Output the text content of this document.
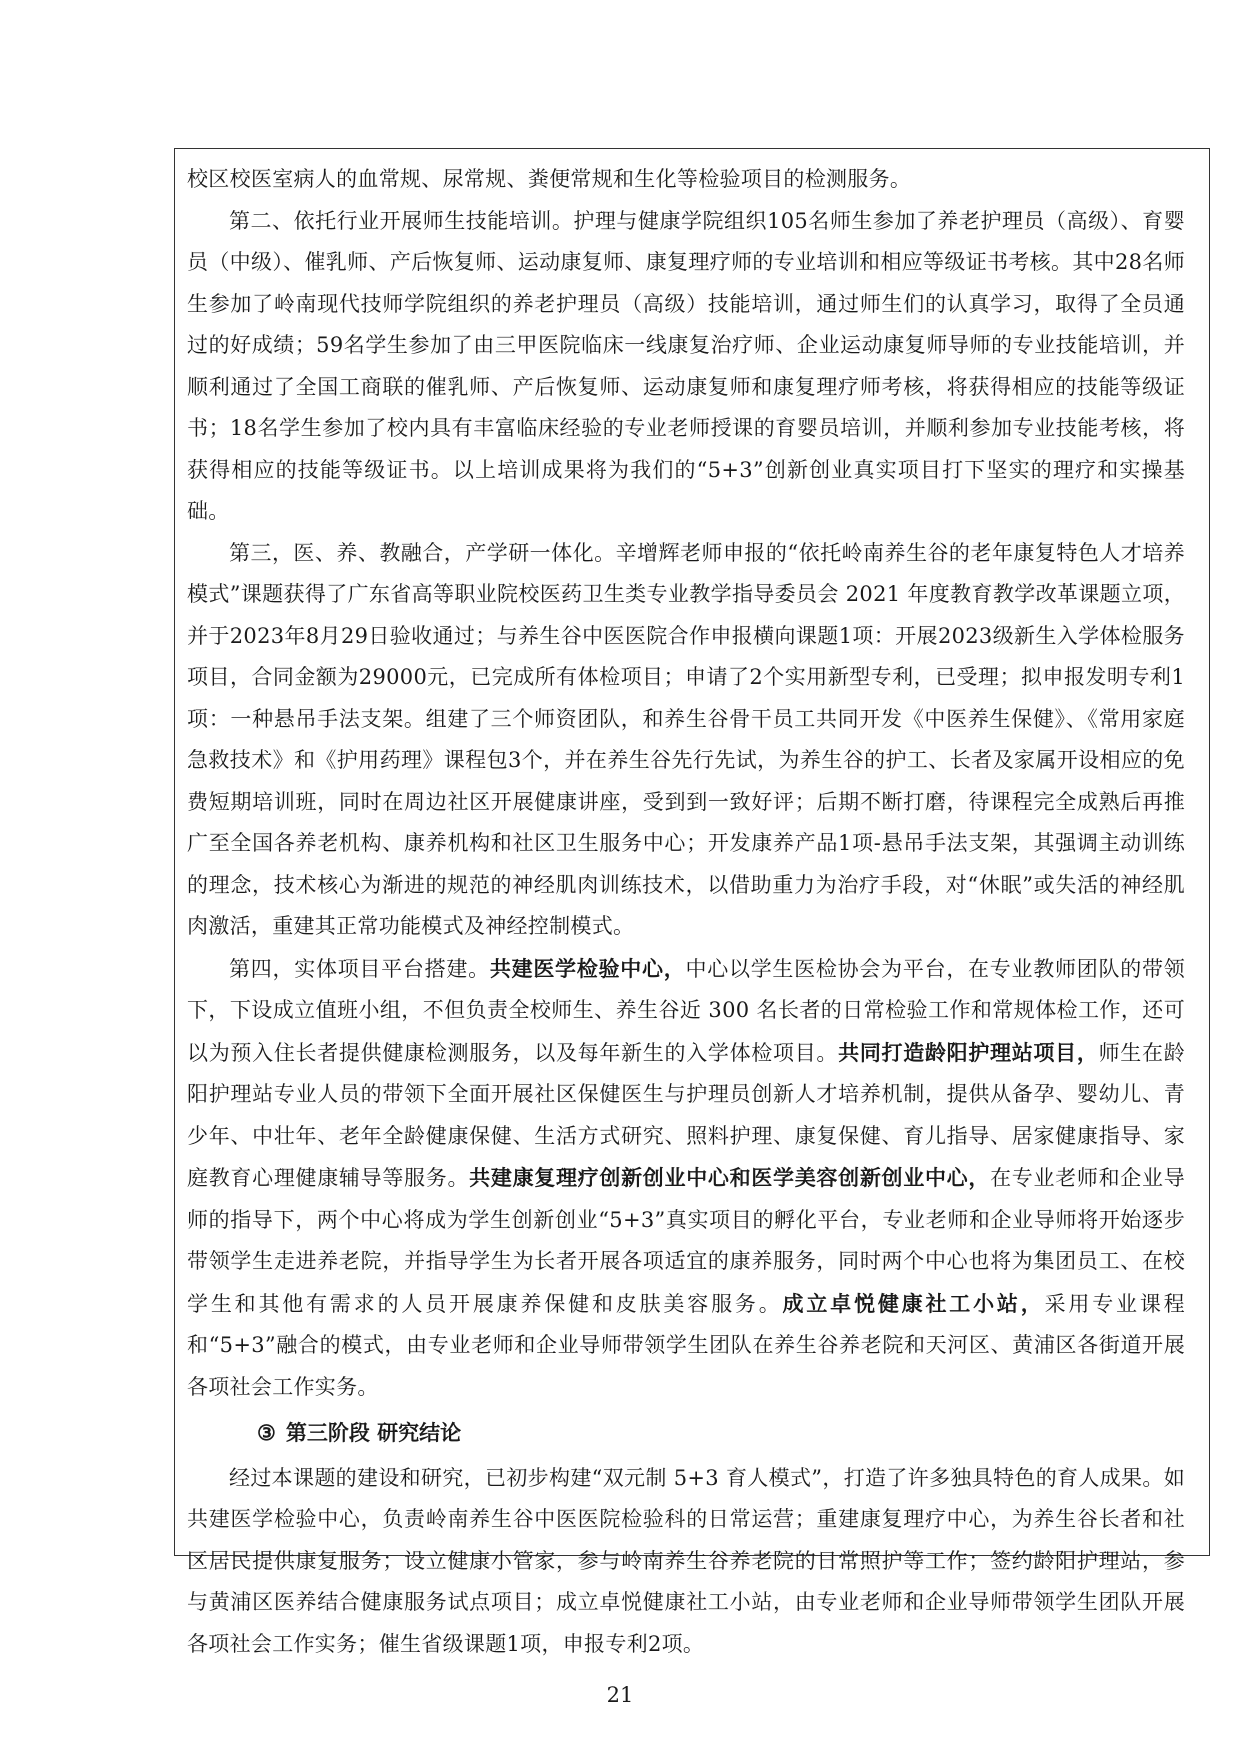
校区校医室病人的血常规、尿常规、粪便常规和生化等检验项目的检测服务。

第二、依托行业开展师生技能培训。护理与健康学院组织105名师生参加了养老护理员（高级）、育婴员（中级）、催乳师、产后恢复师、运动康复师、康复理疗师的专业培训和相应等级证书考核。其中28名师生参加了岭南现代技师学院组织的养老护理员（高级）技能培训，通过师生们的认真学习，取得了全员通过的好成绩；59名学生参加了由三甲医院临床一线康复治疗师、企业运动康复师导师的专业技能培训，并顺利通过了全国工商联的催乳师、产后恢复师、运动康复师和康复理疗师考核，将获得相应的技能等级证书；18名学生参加了校内具有丰富临床经验的专业老师授课的育婴员培训，并顺利参加专业技能考核，将获得相应的技能等级证书。以上培训成果将为我们的“5+3”创新创业真实项目打下坚实的理疗和实操基础。

第三，医、养、教融合，产学研一体化。辛增辉老师申报的“依托岭南养生谷的老年康复特色人才培养模式”课题获得了广东省高等职业院校医药卫生类专业教学指导委员会 2021 年度教育教学改革课题立项，并于2023年8月29日验收通过；与养生谷中医医院合作申报横向课题1项：开展2023级新生入学体检服务项目，合同金额为29000元，已完成所有体检项目；申请了2个实用新型专利，已受理；拟申报发明专利1项：一种悬吊手法支架。组建了三个师资团队，和养生谷骨干员工共同开发《中医养生保健》、《常用家庭急救技术》和《护用药理》课程包3个，并在养生谷先行先试，为养生谷的护工、长者及家属开设相应的免费短期培训班，同时在周边社区开展健康讲座，受到到一致好评；后期不断打磨，待课程完全成熟后再推广至全国各养老机构、康养机构和社区卫生服务中心；开发康养产品1项-悬吊手法支架，其强调主动训练的理念，技术核心为渐进的规范的神经肌肉训练技术，以借助重力为治疗手段，对“休眠”或失活的神经肌肉激活，重建其正常功能模式及神经控制模式。

第四，实体项目平台搭建。共建医学检验中心，中心以学生医检协会为平台，在专业教师团队的带领下，下设成立值班小组，不但负责全校师生、养生谷近 300 名长者的日常检验工作和常规体检工作，还可以为预入住长者提供健康检测服务，以及每年新生的入学体检项目。共同打造龄阳护理站项目，师生在龄阳护理站专业人员的带领下全面开展社区保健医生与护理员创新人才培养机制，提供从备孕、婴幼儿、青少年、中壮年、老年全龄健康保健、生活方式研究、照料护理、康复保健、育儿指导、居家健康指导、家庭教育心理健康辅导等服务。共建康复理疗创新创业中心和医学美容创新创业中心，在专业老师和企业导师的指导下，两个中心将成为学生创新创业“5+3”真实项目的孵化平台，专业老师和企业导师将开始逐步带领学生走进养老院，并指导学生为长者开展各项适宜的康养服务，同时两个中心也将为集团员工、在校学生和其他有需求的人员开展康养保健和皮肤美容服务。成立卓悦健康社工小站，采用专业课程和“5+3”融合的模式，由专业老师和企业导师带领学生团队在养生谷养老院和天河区、黄浦区各街道开展各项社会工作实务。

③ 第三阶段 研究结论

经过本课题的建设和研究，已初步构建“双元制 5+3 育人模式”，打造了许多独具特色的育人成果。如共建医学检验中心，负责岭南养生谷中医医院检验科的日常运营；重建康复理疗中心，为养生谷长者和社区居民提供康复服务；设立健康小管家，参与岭南养生谷养老院的日常照护等工作；签约龄阳护理站，参与黄浦区医养结合健康服务试点项目；成立卓悦健康社工小站，由专业老师和企业导师带领学生团队开展各项社会工作实务；催生省级课题1项，申报专利2项。

21
